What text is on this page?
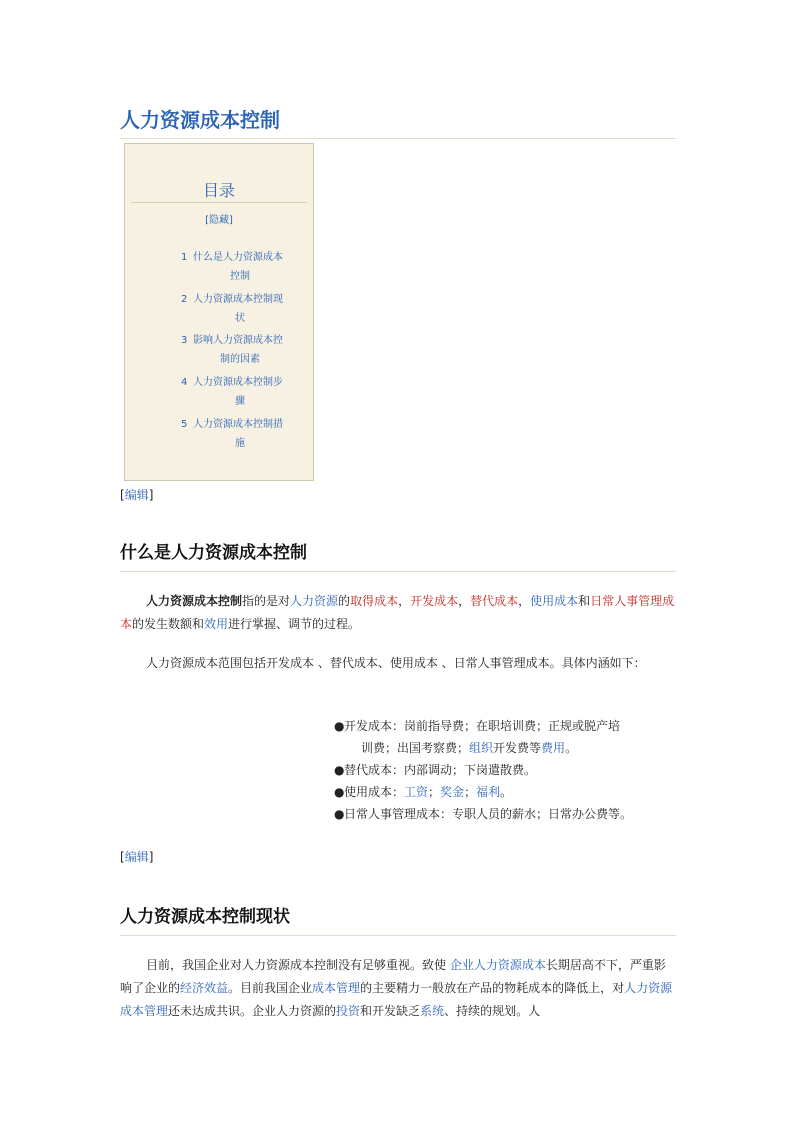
人力资源成本控制
目录
[隐藏]
1 什么是人力资源成本
控制
2 人力资源成本控制现
状
3 影响人力资源成本控
制的因素
4 人力资源成本控制步
骤
5 人力资源成本控制措
施
[编辑]
什么是人力资源成本控制
人力资源成本控制指的是对人力资源的取得成本，开发成本，替代成本，使用成本和日常人事管理成本的发生数额和效用进行掌握、调节的过程。
人力资源成本范围包括开发成本 、替代成本、使用成本 、日常人事管理成本。具体内涵如下：
● 开发成本：岗前指导费；在职培训费；正规或脱产培
训费；出国考察费；组织开发费等费用。
● 替代成本：内部调动；下岗遣散费。
● 使用成本：工资；奖金；福利。
● 日常人事管理成本：专职人员的薪水；日常办公费等。
[编辑]
人力资源成本控制现状
目前，我国企业对人力资源成本控制没有足够重视。致使 企业人力资源成本长期居高不下，严重影响了企业的经济效益。目前我国企业成本管理的主要精力一般放在产品的物耗成本的降低上，对人力资源成本管理还未达成共识。企业人力资源的投资和开发缺乏系统、持续的规划。人
